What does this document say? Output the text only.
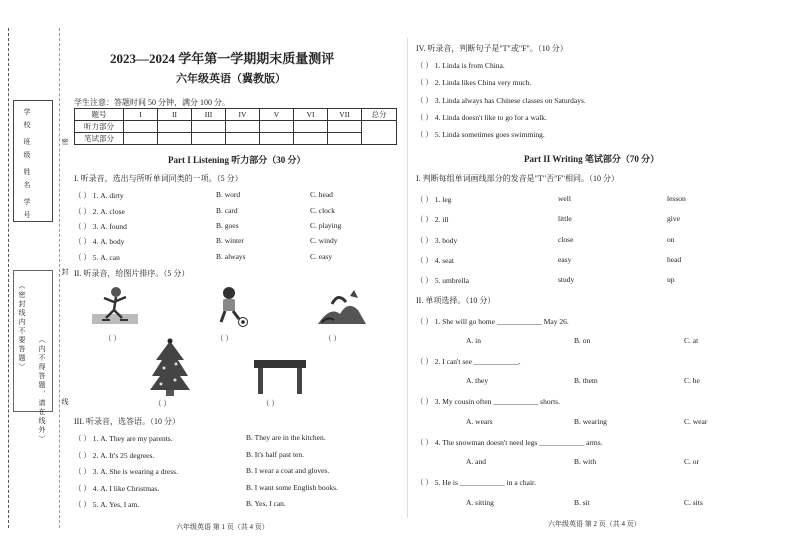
学 校
班 级
姓 名
学 号
密
封
线
（密封线内不要答题）
（内不得答题，请在线外）
2023—2024 学年第一学期期末质量测评
六年级英语（冀教版）
学生注意：答题时间 50 分钟，满分 100 分。
题号	I	II	III	IV	V	VI	VII	总分
听力部分								
笔试部分								
Part I Listening 听力部分（30 分）
I. 听录音，选出与所听单词同类的一项。（5 分）
（ ） 1. A. dirty	B. word	C. head
（ ） 2. A. close	B. card	C. clock
（ ） 3. A. found	B. goes	C. playing
（ ） 4. A. body	B. winter	C. windy
（ ） 5. A. can	B. always	C. easy
II. 听录音，给图片排序。（5 分）
（ ）	（ ）	（ ）
（ ）	（ ）
III. 听录音，选答语。（10 分）
（ ） 1. A. They are my parents.	B. They are in the kitchen.
（ ） 2. A. It's 25 degrees.	B. It's half past ten.
（ ） 3. A. She is wearing a dress.	B. I wear a coat and gloves.
（ ） 4. A. I like Christmas.	B. I want some English books.
（ ） 5. A. Yes, I am.	B. Yes, I can.
六年级英语 第 1 页（共 4 页）
IV. 听录音，判断句子是"T"或"F"。（10 分）
（ ） 1. Linda is from China.
（ ） 2. Linda likes China very much.
（ ） 3. Linda always has Chinese classes on Saturdays.
（ ） 4. Linda doesn't like to go for a walk.
（ ） 5. Linda sometimes goes swimming.
Part II Writing 笔试部分（70 分）
I. 判断每组单词画线部分的发音是"T"否"F"相同。（10 分）
（ ） 1. leg	well	lesson
（ ） 2. ill	little	give
（ ） 3. body	close	on
（ ） 4. seat	easy	head
（ ） 5. umbrella	study	up
II. 单项选择。（10 分）
（ ） 1. She will go home ____________ May 26.
A. in	B. on	C. at
（ ） 2. I can't see ____________.
A. they	B. them	C. he
（ ） 3. My cousin often ____________ shorts.
A. wears	B. wearing	C. wear
（ ） 4. The snowman doesn't need legs ____________ arms.
A. and	B. with	C. or
（ ） 5. He is ____________ in a chair.
A. sitting	B. sit	C. sits
六年级英语 第 2 页（共 4 页）
